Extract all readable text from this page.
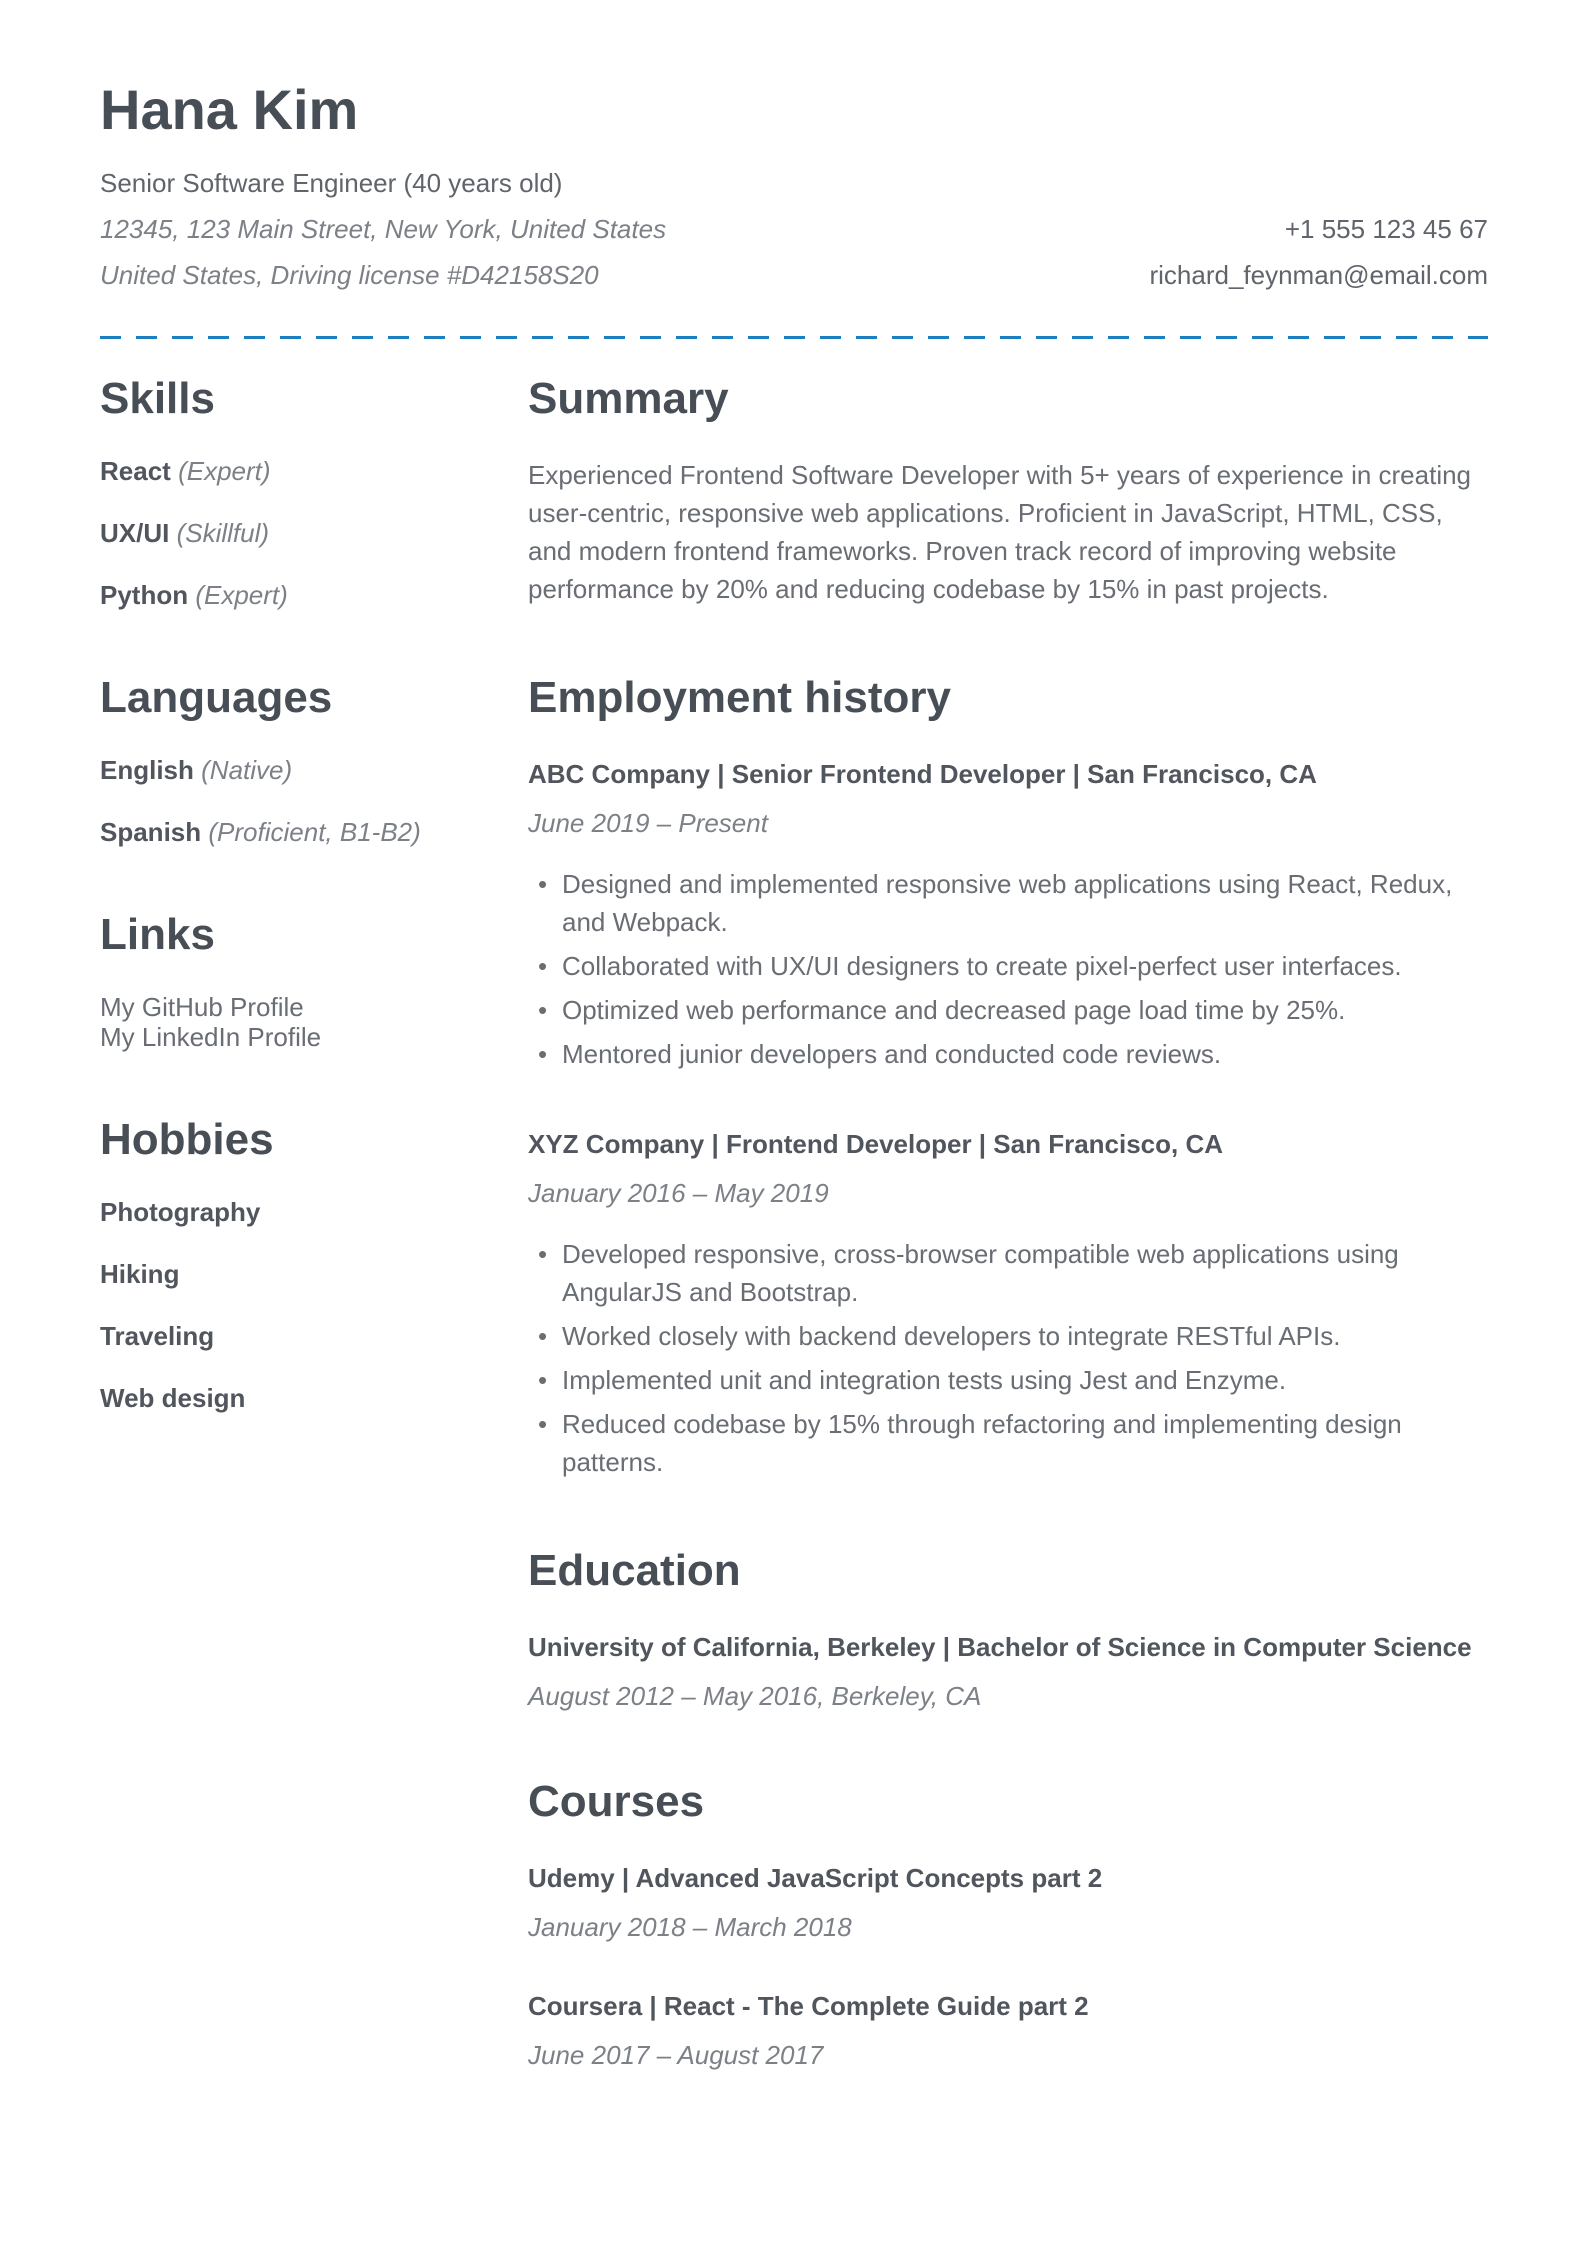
Hana Kim
Senior Software Engineer (40 years old)
12345, 123 Main Street, New York, United States
United States, Driving license #D42158S20
+1 555 123 45 67
richard_feynman@email.com
Skills
React (Expert)
UX/UI (Skillful)
Python (Expert)
Languages
English (Native)
Spanish (Proficient, B1-B2)
Links
My GitHub Profile
My LinkedIn Profile
Hobbies
Photography
Hiking
Traveling
Web design
Summary

Experienced Frontend Software Developer with 5+ years of experience in creating user-centric, responsive web applications. Proficient in JavaScript, HTML, CSS, and modern frontend frameworks. Proven track record of improving website performance by 20% and reducing codebase by 15% in past projects.

Employment history
ABC Company | Senior Frontend Developer | San Francisco, CA
June 2019 – Present
• Designed and implemented responsive web applications using React, Redux, and Webpack.
• Collaborated with UX/UI designers to create pixel-perfect user interfaces.
• Optimized web performance and decreased page load time by 25%.
• Mentored junior developers and conducted code reviews.
XYZ Company | Frontend Developer | San Francisco, CA
January 2016 – May 2019
• Developed responsive, cross-browser compatible web applications using AngularJS and Bootstrap.
• Worked closely with backend developers to integrate RESTful APIs.
• Implemented unit and integration tests using Jest and Enzyme.
• Reduced codebase by 15% through refactoring and implementing design patterns.
Education
University of California, Berkeley | Bachelor of Science in Computer Science
August 2012 – May 2016, Berkeley, CA
Courses
Udemy | Advanced JavaScript Concepts part 2
January 2018 – March 2018
Coursera | React - The Complete Guide part 2
June 2017 – August 2017
